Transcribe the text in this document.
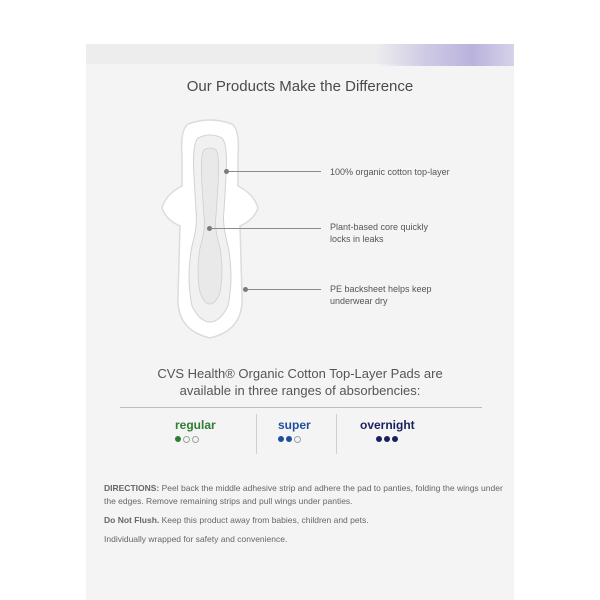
Our Products Make the Difference
100% organic cotton top-layer
Plant-based core quickly
locks in leaks
PE backsheet helps keep
underwear dry
CVS Health® Organic Cotton Top-Layer Pads are
available in three ranges of absorbencies:
regular	super	overnight

DIRECTIONS: Peel back the middle adhesive strip and adhere the pad to panties, folding the wings under the edges. Remove remaining strips and pull wings under panties.

Do Not Flush. Keep this product away from babies, children and pets.

Individually wrapped for safety and convenience.
